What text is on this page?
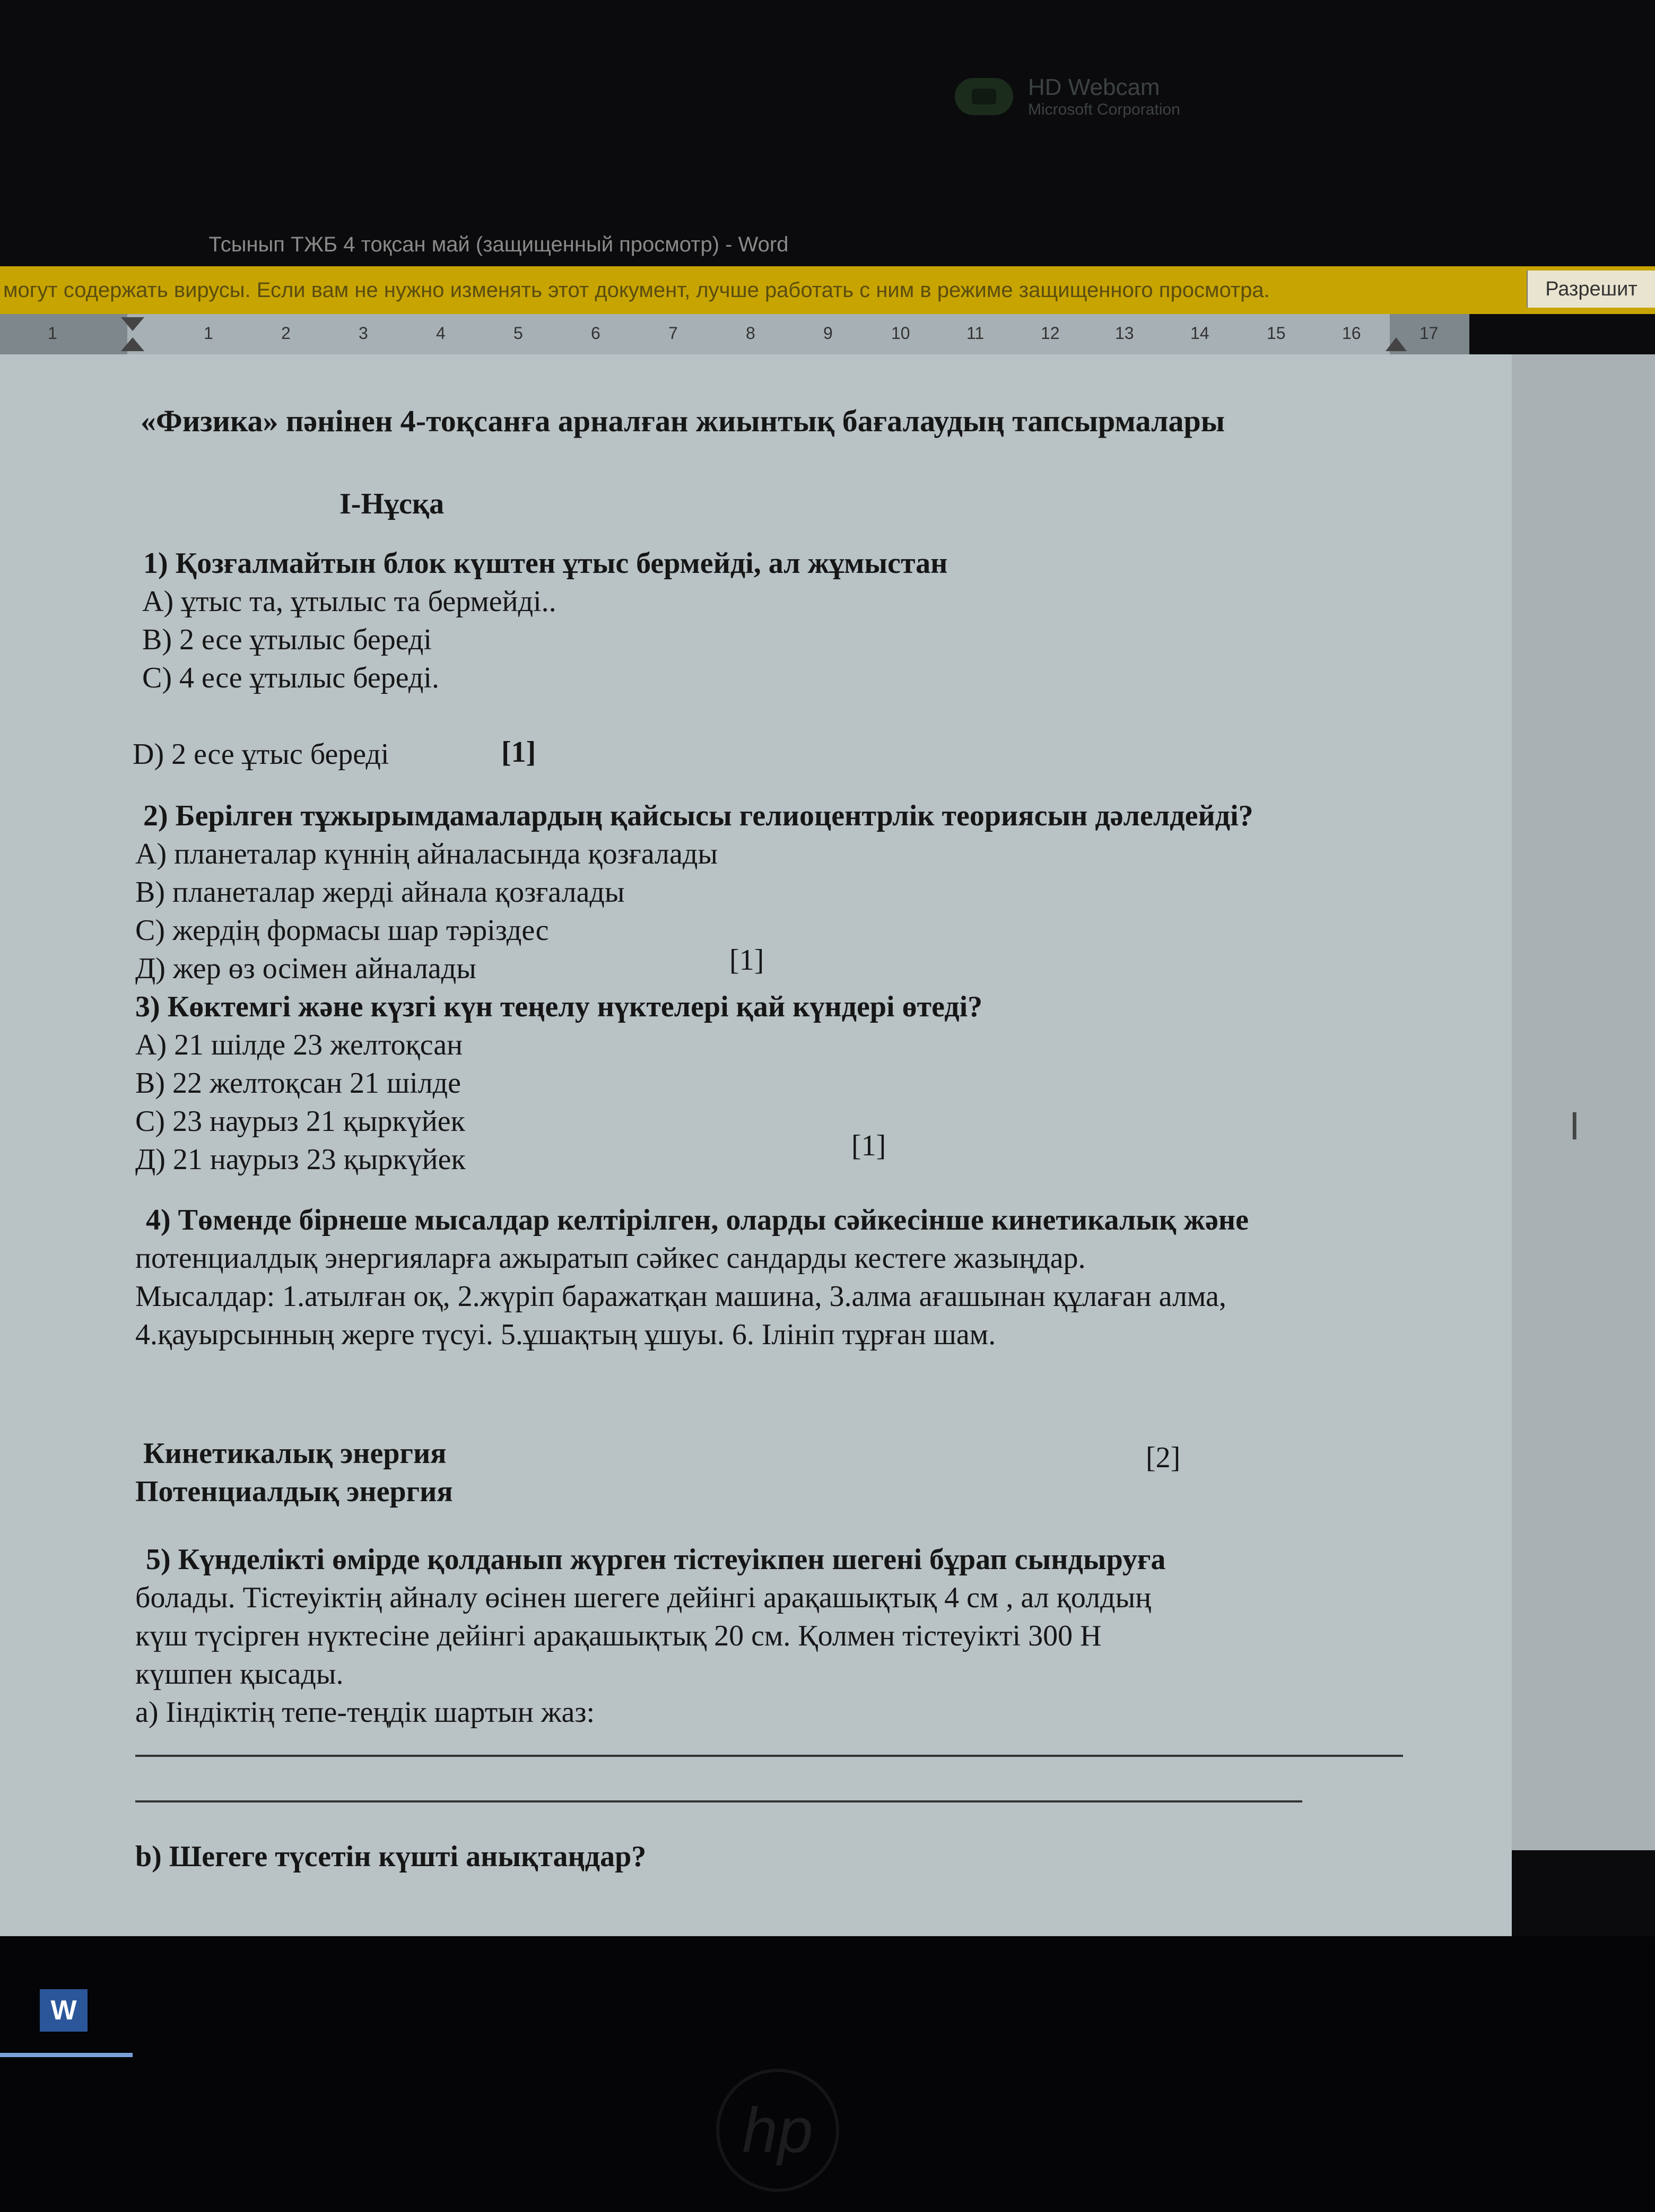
HD Webcam
Microsoft Corporation
Тсынып ТЖБ 4 тоқсан май (защищенный просмотр) - Word
могут содержать вирусы. Если вам не нужно изменять этот документ, лучше работать с ним в режиме защищенного просмотра.	Разрешит
1	1	2	3	4	5	6	7	8	9	10	11	12	13	14	15	16	17
I
«Физика» пәнінен 4-тоқсанға арналған жиынтық бағалаудың тапсырмалары
I-Нұсқа
1) Қозғалмайтын блок күштен ұтыс бермейді, ал жұмыстан
А) ұтыс та, ұтылыс та бермейді..
В) 2 есе ұтылыс береді
С) 4 есе ұтылыс береді.
D) 2 есе ұтыс береді	[1]
2) Берілген тұжырымдамалардың қайсысы гелиоцентрлік теориясын дәлелдейді?
А) планеталар күннің айналасында қозғалады
В) планеталар жерді айнала қозғалады
С) жердің формасы шар тәріздес
Д) жер өз осімен айналады	[1]
3) Көктемгі және күзгі күн теңелу нүктелері қай күндері өтеді?
А) 21 шілде 23 желтоқсан
В) 22 желтоқсан 21 шілде
С) 23 наурыз 21 қыркүйек
Д) 21 наурыз 23 қыркүйек	[1]
4) Төменде бірнеше мысалдар келтірілген, оларды сәйкесінше кинетикалық және
потенциалдық энергияларға ажыратып сәйкес сандарды кестеге жазыңдар.
Мысалдар: 1.атылған оқ, 2.жүріп баражатқан машина, 3.алма ағашынан құлаған алма,
4.қауырсынның жерге түсуі. 5.ұшақтың ұшуы. 6. Ілініп тұрған шам.
Кинетикалық энергия
Потенциалдық энергия
[2]
5) Күнделікті өмірде қолданып жүрген тістеуікпен шегені бұрап сындыруға
болады. Тістеуіктің айналу өсінен шегеге дейінгі арақашықтық 4 см , ал қолдың
күш түсірген нүктесіне дейінгі арақашықтық 20 см. Қолмен тістеуікті 300 Н
күшпен қысады.
а) Ііндіктің тепе-теңдік шартын жаз:
b) Шегеге түсетін күшті анықтаңдар?
W
hp
